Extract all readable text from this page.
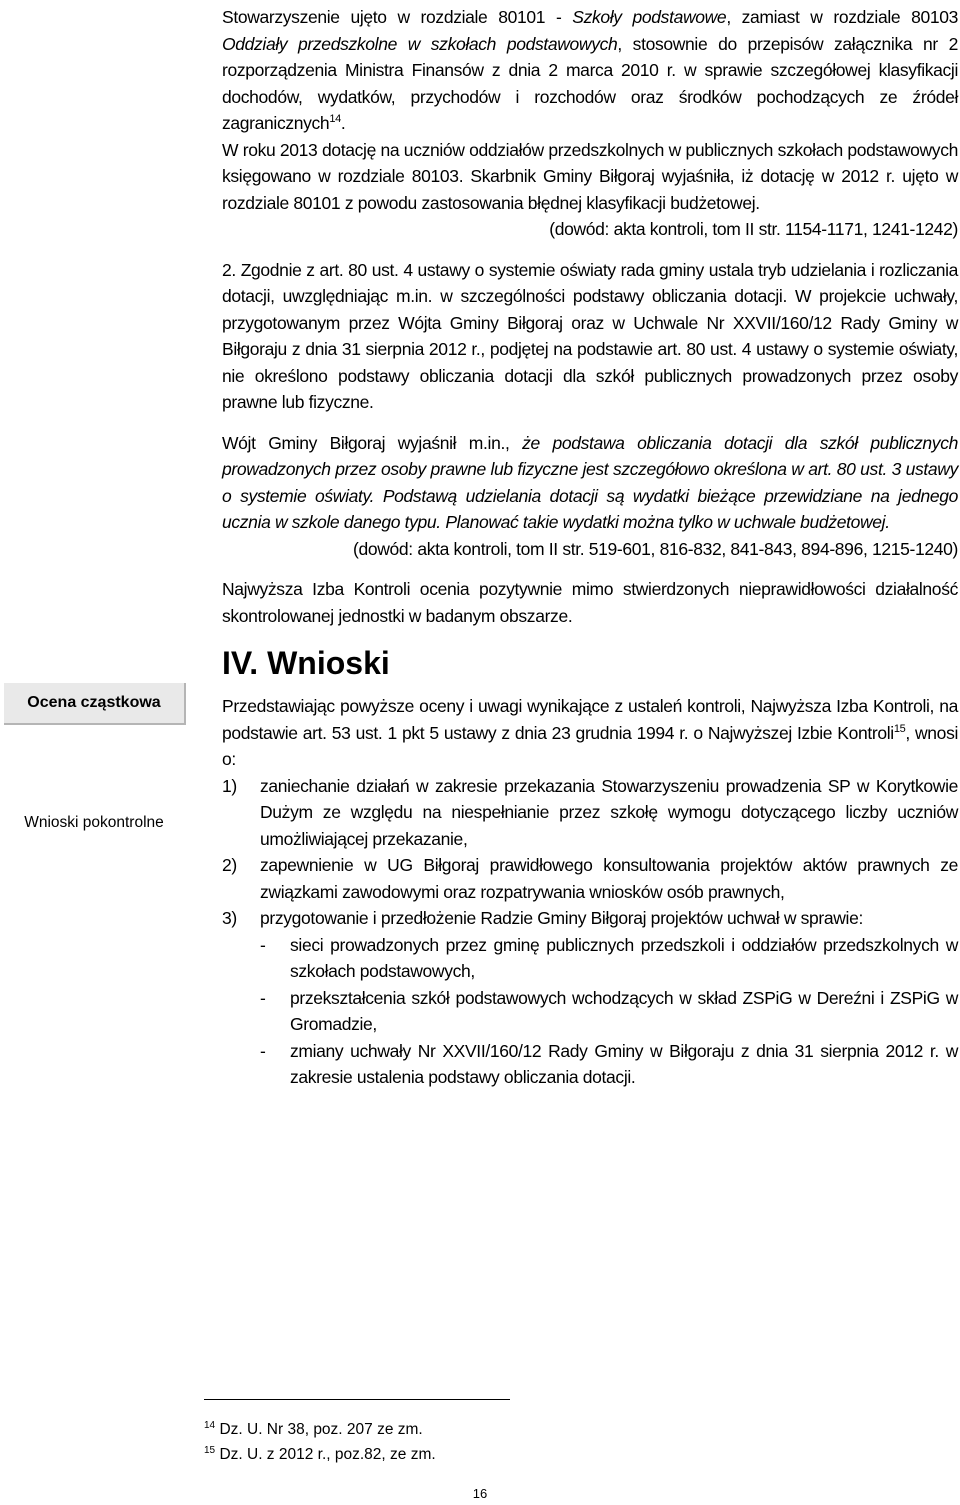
Ocena cząstkowa
Wnioski pokontrolne

Stowarzyszenie ujęto w rozdziale 80101 - Szkoły podstawowe, zamiast w rozdziale 80103 Oddziały przedszkolne w szkołach podstawowych, stosownie do przepisów załącznika nr 2 rozporządzenia Ministra Finansów z dnia 2 marca 2010 r. w sprawie szczegółowej klasyfikacji dochodów, wydatków, przychodów i rozchodów oraz środków pochodzących ze źródeł zagranicznych$^{14}$.

W roku 2013 dotację na uczniów oddziałów przedszkolnych w publicznych szkołach podstawowych księgowano w rozdziale 80103. Skarbnik Gminy Biłgoraj wyjaśniła, iż dotację w 2012 r. ujęto w rozdziale 80101 z powodu zastosowania błędnej klasyfikacji budżetowej.

(dowód: akta kontroli, tom II str. 1154-1171, 1241-1242)

2. Zgodnie z art. 80 ust. 4 ustawy o systemie oświaty rada gminy ustala tryb udzielania i rozliczania dotacji, uwzględniając m.in. w szczególności podstawy obliczania dotacji. W projekcie uchwały, przygotowanym przez Wójta Gminy Biłgoraj oraz w Uchwale Nr XXVII/160/12 Rady Gminy w Biłgoraju z dnia 31 sierpnia 2012 r., podjętej na podstawie art. 80 ust. 4 ustawy o systemie oświaty, nie określono podstawy obliczania dotacji dla szkół publicznych prowadzonych przez osoby prawne lub fizyczne.

Wójt Gminy Biłgoraj wyjaśnił m.in., że podstawa obliczania dotacji dla szkół publicznych prowadzonych przez osoby prawne lub fizyczne jest szczegółowo określona w art. 80 ust. 3 ustawy o systemie oświaty. Podstawą udzielania dotacji są wydatki bieżące przewidziane na jednego ucznia w szkole danego typu. Planować takie wydatki można tylko w uchwale budżetowej.

(dowód: akta kontroli, tom II str. 519-601, 816-832, 841-843, 894-896, 1215-1240)

Najwyższa Izba Kontroli ocenia pozytywnie mimo stwierdzonych nieprawidłowości działalność skontrolowanej jednostki w badanym obszarze.

IV. Wnioski

Przedstawiając powyższe oceny i uwagi wynikające z ustaleń kontroli, Najwyższa Izba Kontroli, na podstawie art. 53 ust. 1 pkt 5 ustawy z dnia 23 grudnia 1994 r. o Najwyższej Izbie Kontroli$^{15}$, wnosi o:

1) zaniechanie działań w zakresie przekazania Stowarzyszeniu prowadzenia SP w Korytkowie Dużym ze względu na niespełnianie przez szkołę wymogu dotyczącego liczby uczniów umożliwiającej przekazanie,
2) zapewnienie w UG Biłgoraj prawidłowego konsultowania projektów aktów prawnych ze związkami zawodowymi oraz rozpatrywania wniosków osób prawnych,
3) przygotowanie i przedłożenie Radzie Gminy Biłgoraj projektów uchwał w sprawie:
- sieci prowadzonych przez gminę publicznych przedszkoli i oddziałów przedszkolnych w szkołach podstawowych,
- przekształcenia szkół podstawowych wchodzących w skład ZSPiG w Dereźni i ZSPiG w Gromadzie,
- zmiany uchwały Nr XXVII/160/12 Rady Gminy w Biłgoraju z dnia 31 sierpnia 2012 r. w zakresie ustalenia podstawy obliczania dotacji.
$^{14}$ Dz. U. Nr 38, poz. 207 ze zm.
$^{15}$ Dz. U. z 2012 r., poz.82, ze zm.
16
